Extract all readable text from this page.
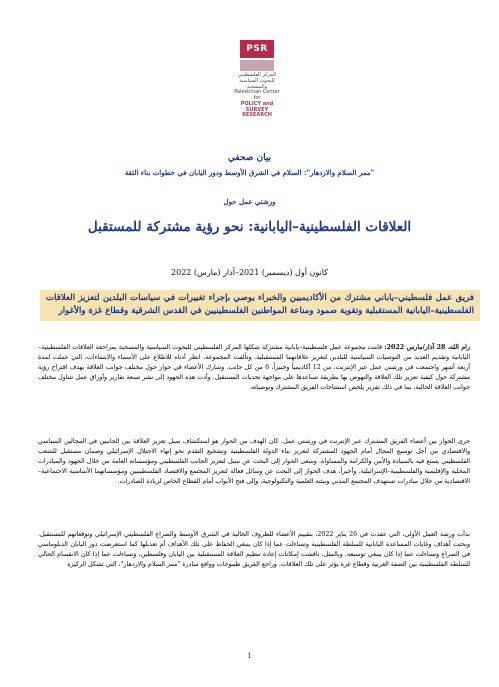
PSR
المركز الفلسطيني للبحوث السياسية والمسحية
Palestinian Center for
POLICY and
SURVEY RESEARCH
بيان صحفي
"ممر السلام والازدهار": السلام في الشرق الأوسط ودور اليابان في خطوات بناء الثقة
ورشتي عمل حول
العلاقات الفلسطينية–اليابانية: نحو رؤية مشتركة للمستقبل
كانون أول (ديسمبر) 2021–آذار (مارس) 2022
فريق عمل فلسطيني–ياباني مشترك من الأكاديميين والخبراء يوصي بإجراء تغييرات في سياسات البلدين لتعزيز العلاقات الفلسطينية–اليابانية المستقبلية وتقوية صمود ومناعة المواطنين الفلسطينيين في القدس الشرقية وقطاع غزة والأغوار

رام الله، 28 آذار/مارس 2022: قامت مجموعة عمل فلسطينية–يابانية مشتركة شكلها المركز الفلسطيني للبحوث السياسية والمسحية بمراجعة العلاقات الفلسطينية–اليابانية وتقديم العديد من التوصيات السياسية للبلدين لتعزيز علاقاتهما المستقبلية. وتألفت المجموعة، انظر أدناه للاطلاع على الأسماء والانتماءات، التي عملت لمدة أربعة أشهر واجتمعت في ورشتي عمل عبر الإنترنت، من 12 أكاديمياً وخبيراً، 6 من كل جانب. وشارك الأعضاء في حوار حول مختلف جوانب العلاقة بهدف اقتراح رؤية مشتركة حول كيفية تعزيز تلك العلاقة والنهوض بها بطريقة تساعدها على مواجهة تحديات المستقبل. وأدت هذه الجهود إلى نشر تسعة تقارير وأوراق عمل تتناول مختلف جوانب العلاقة الحالية، بما في ذلك تقرير يلخص استنتاجات الفريق المشترك وتوصياته.

جرى الحوار بين أعضاء الفريق المشترك عبر الإنترنت في ورشتي عمل. كان الهدف من الحوار هو استكشاف سبل تعزيز العلاقة بين الجانبين في المجالين السياسي والاقتصادي من أجل توسيع المجال أمام الجهود المشتركة لتعزيز بناء الدولة الفلسطينية وتشجيع التقدم نحو إنهاء الاحتلال الإسرائيلي وضمان مستقبل للشعب الفلسطيني يتمتع فيه بالسيادة والأمن والكرامة والمساواة. وسعى الحوار إلى البحث عن سبل لتعزيز الجانب الفلسطيني ومؤسساته العامة من خلال الجهود والمبادرات المحلية والإقليمية والفلسطينية–الإسرائيلية. وأخيراً، هدف الحوار إلى البحث عن وسائل فعالة لتعزيز المجتمع والاقتصاد الفلسطينيين ومؤسساتهما الأساسية الاجتماعية–الاقتصادية من خلال مبادرات تستهدف المجتمع المدني وبيئته العلمية والتكنولوجية، وإلى فتح الأبواب أمام القطاع الخاص لزيادة الصادرات.

بدأت ورشة العمل الأولى، التي عقدت في 26 يناير 2022، بتقييم الأعضاء للظروف الحالية في الشرق الأوسط والصراع الفلسطيني الإسرائيلي وتوقعاتهم للمستقبل. وبحثت أهداف وغايات المساعدة اليابانية للسلطة الفلسطينية وتساءلت عما إذا كان ينبغي الحفاظ على تلك الأهداف أم تعديلها كما استعرضت دور اليابان الدبلوماسي في الصراع وتساءلت عما إذا كان ينبغي توسيعه. وبالمثل، ناقشت إمكانات إعادة تنظيم العلاقة المستقبلية بين اليابان وفلسطين، وتساءلت عما إذا كان الانقسام الحالي للسلطة الفلسطينية بين الضفة الغربية وقطاع غزة يؤثر على تلك العلاقات. وراجع الفريق طموحات وواقع مبادرة "ممر السلام والازدهار"، التي تشكل الركيزة

1
